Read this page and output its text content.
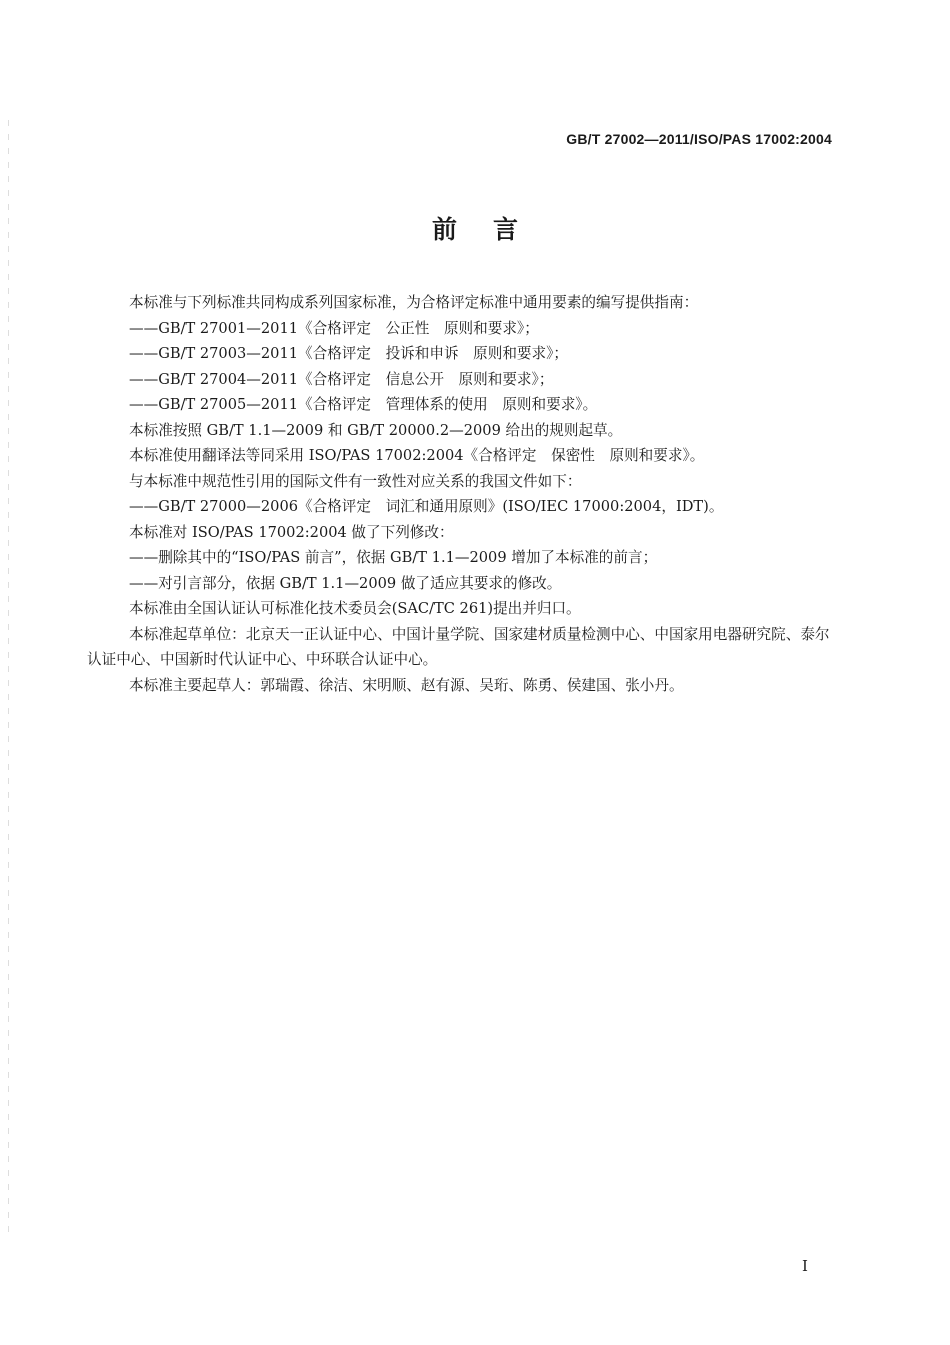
GB/T 27002—2011/ISO/PAS 17002:2004
前言

本标准与下列标准共同构成系列国家标准，为合格评定标准中通用要素的编写提供指南：

——GB/T 27001—2011《合格评定　公正性　原则和要求》；

——GB/T 27003—2011《合格评定　投诉和申诉　原则和要求》；

——GB/T 27004—2011《合格评定　信息公开　原则和要求》；

——GB/T 27005—2011《合格评定　管理体系的使用　原则和要求》。

本标准按照 GB/T 1.1—2009 和 GB/T 20000.2—2009 给出的规则起草。

本标准使用翻译法等同采用 ISO/PAS 17002:2004《合格评定　保密性　原则和要求》。

与本标准中规范性引用的国际文件有一致性对应关系的我国文件如下：

——GB/T 27000—2006《合格评定　词汇和通用原则》(ISO/IEC 17000:2004，IDT)。

本标准对 ISO/PAS 17002:2004 做了下列修改：

——删除其中的“ISO/PAS 前言”，依据 GB/T 1.1—2009 增加了本标准的前言；

——对引言部分，依据 GB/T 1.1—2009 做了适应其要求的修改。

本标准由全国认证认可标准化技术委员会(SAC/TC 261)提出并归口。

本标准起草单位：北京天一正认证中心、中国计量学院、国家建材质量检测中心、中国家用电器研究院、泰尔认证中心、中国新时代认证中心、中环联合认证中心。

本标准主要起草人：郭瑞霞、徐洁、宋明顺、赵有源、吴珩、陈勇、侯建国、张小丹。

I
